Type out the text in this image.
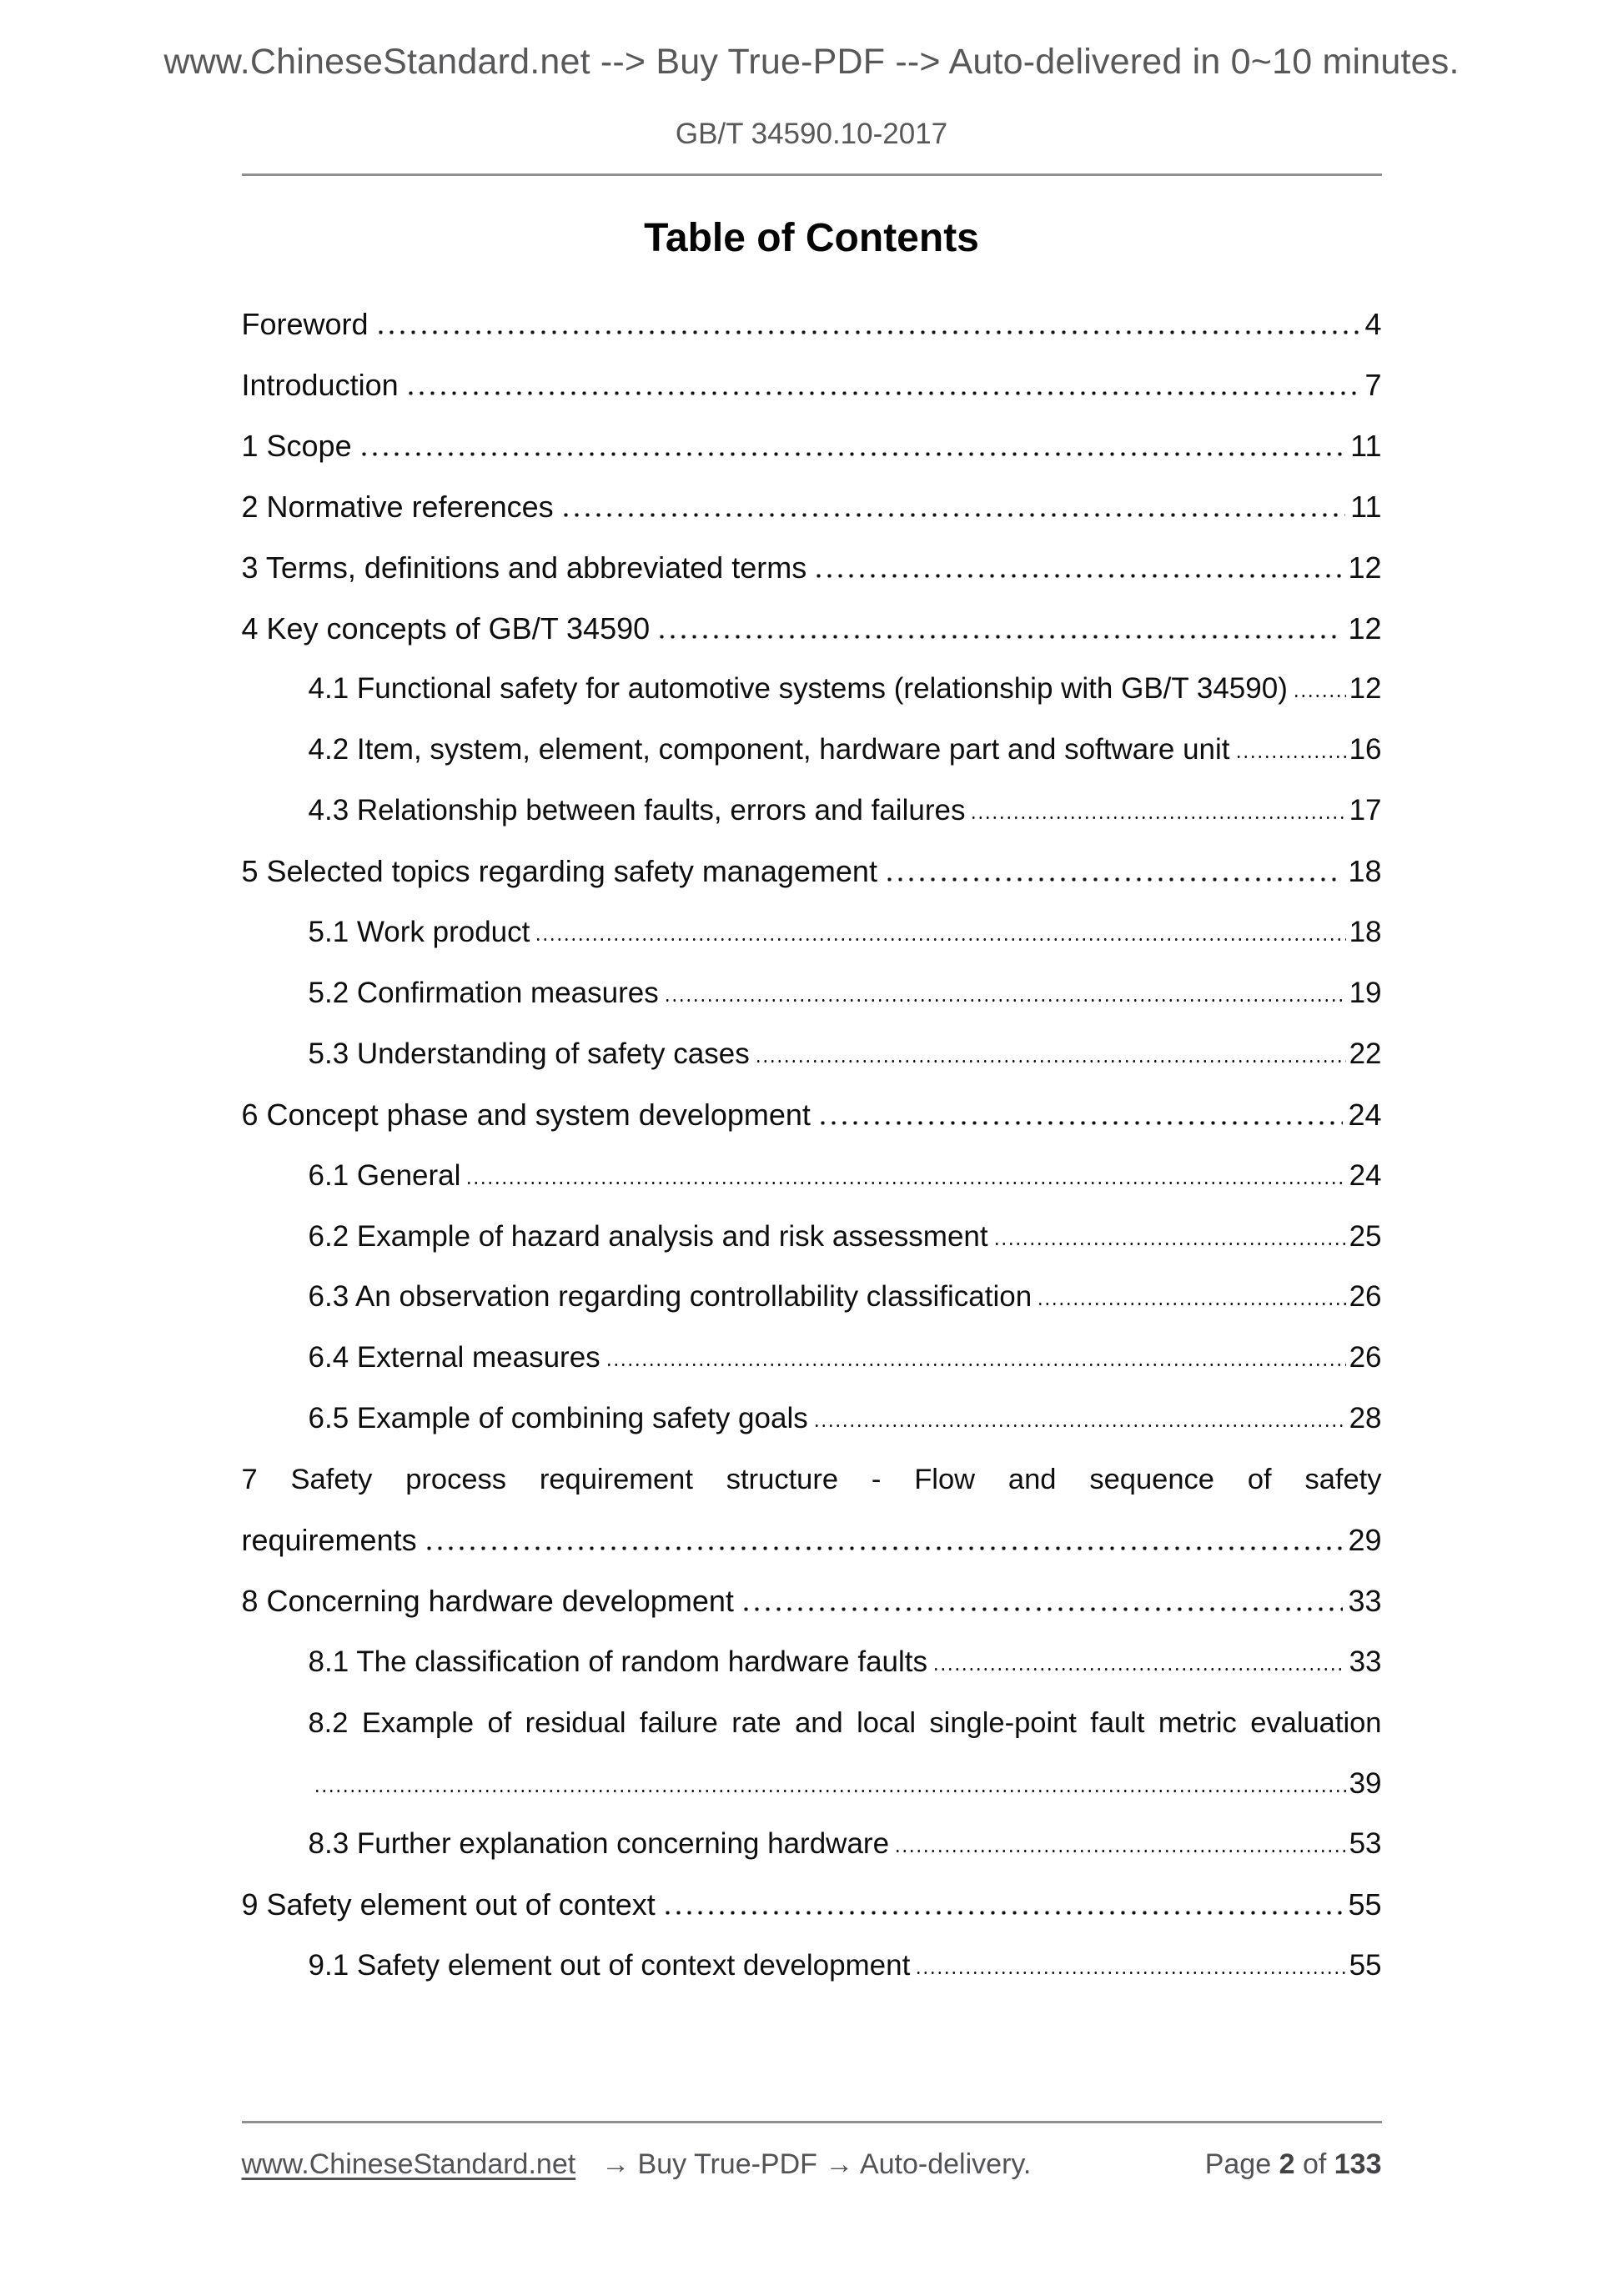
www.ChineseStandard.net --> Buy True-PDF --> Auto-delivered in 0~10 minutes.
GB/T 34590.10-2017
Table of Contents
Foreword	4
Introduction	7
1 Scope	11
2 Normative references	11
3 Terms, definitions and abbreviated terms	12
4 Key concepts of GB/T 34590	12
4.1 Functional safety for automotive systems (relationship with GB/T 34590) 12
4.2 Item, system, element, component, hardware part and software unit	16
4.3 Relationship between faults, errors and failures	17
5 Selected topics regarding safety management	18
5.1 Work product	18
5.2 Confirmation measures	19
5.3 Understanding of safety cases	22
6 Concept phase and system development	24
6.1 General	24
6.2 Example of hazard analysis and risk assessment	25
6.3 An observation regarding controllability classification	26
6.4 External measures	26
6.5 Example of combining safety goals	28
7 Safety process requirement structure - Flow and sequence of safety
requirements	29
8 Concerning hardware development	33
8.1 The classification of random hardware faults	33
8.2 Example of residual failure rate and local single-point fault metric evaluation
39
8.3 Further explanation concerning hardware	53
9 Safety element out of context	55
9.1 Safety element out of context development	55
www.ChineseStandard.net → Buy True-PDF → Auto-delivery.	Page 2 of 133
